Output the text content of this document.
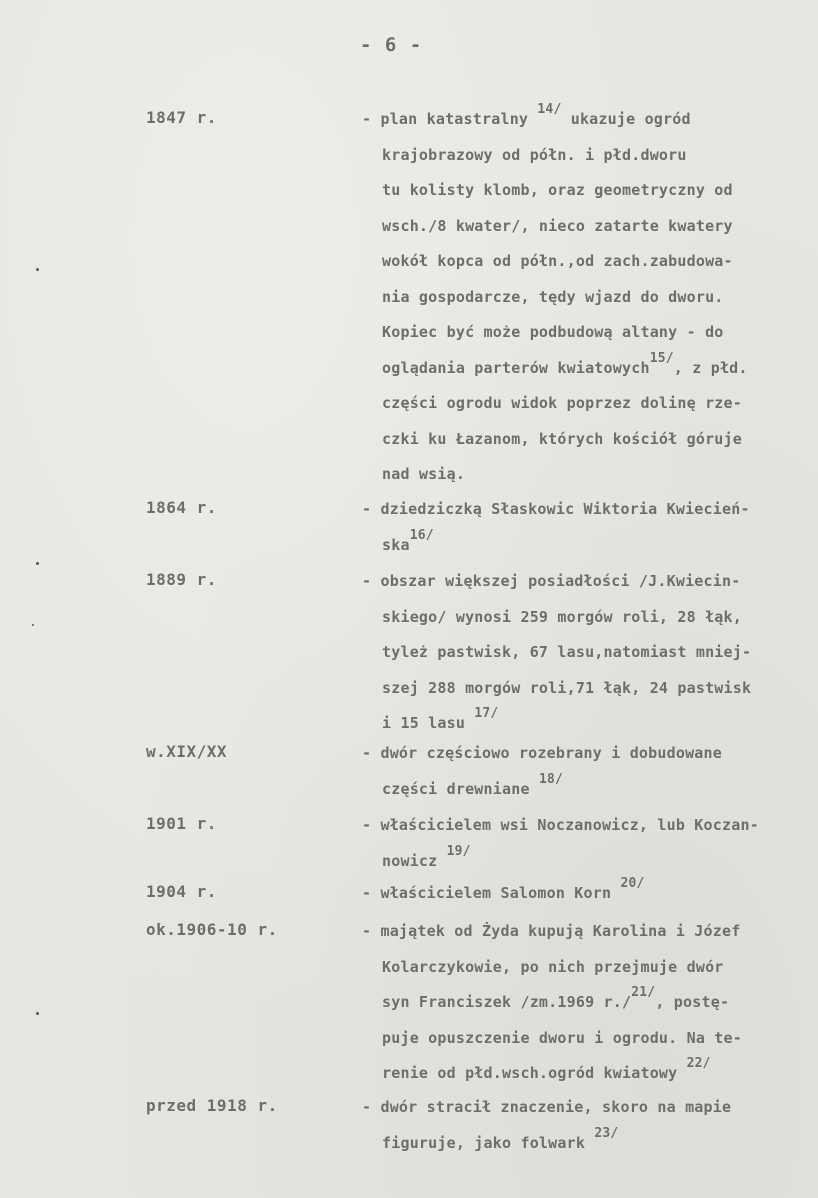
- 6 -
1847 r.	- plan katastralny $^{14/}$ ukazuje ogród

krajobrazowy od półn. i płd.dworu

tu kolisty klomb, oraz geometryczny od

wsch./8 kwater/, nieco zatarte kwatery

wokół kopca od półn.,od zach.zabudowa-

nia gospodarcze, tędy wjazd do dworu.

Kopiec być może podbudową altany - do

oglądania parterów kwiatowych$^{15/}$, z płd.

części ogrodu widok poprzez dolinę rze-

czki ku Łazanom, których kościół góruje

nad wsią.

1864 r.	- dziedziczką Słaskowic Wiktoria Kwiecień-

ska$^{16/}$

1889 r.	- obszar większej posiadłości /J.Kwiecin-

skiego/ wynosi 259 morgów roli, 28 łąk,

tyleż pastwisk, 67 lasu,natomiast mniej-

szej 288 morgów roli,71 łąk, 24 pastwisk

i 15 lasu $^{17/}$

w.XIX/XX	- dwór częściowo rozebrany i dobudowane

części drewniane $^{18/}$

1901 r.	- właścicielem wsi Noczanowicz, lub Koczan-

nowicz $^{19/}$

1904 r.	- właścicielem Salomon Korn $^{20/}$

ok.1906-10 r.	- majątek od Żyda kupują Karolina i Józef

Kolarczykowie, po nich przejmuje dwór

syn Franciszek /zm.1969 r./$^{21/}$, postę-

puje opuszczenie dworu i ogrodu. Na te-

renie od płd.wsch.ogród kwiatowy $^{22/}$

przed 1918 r.	- dwór stracił znaczenie, skoro na mapie

figuruje, jako folwark $^{23/}$
